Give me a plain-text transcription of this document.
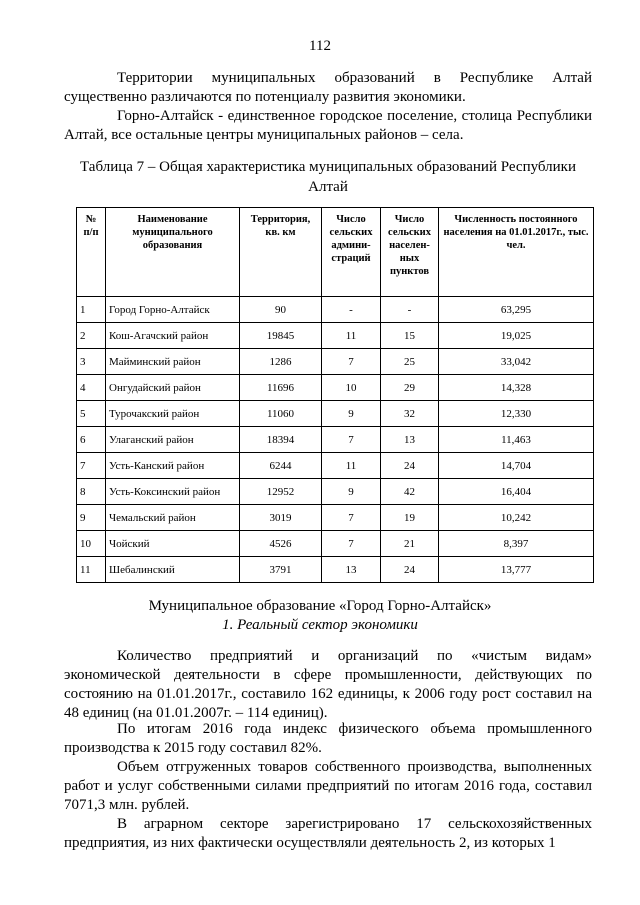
112
Территории муниципальных образований в Республике Алтай существенно различаются по потенциалу развития экономики.
Горно-Алтайск - единственное городское поселение, столица Республики Алтай, все остальные центры муниципальных районов – села.
Таблица 7 – Общая характеристика муниципальных образований Республики Алтай
№ п/п	Наименование муниципального образования	Территория, кв. км	Число сельских админи-страций	Число сельских населен-ных пунктов	Численность постоянного населения на 01.01.2017г., тыс. чел.
1	Город Горно-Алтайск	90	-	-	63,295
2	Кош-Агачский район	19845	11	15	19,025
3	Майминский район	1286	7	25	33,042
4	Онгудайский район	11696	10	29	14,328
5	Турочакский район	11060	9	32	12,330
6	Улаганский район	18394	7	13	11,463
7	Усть-Канский район	6244	11	24	14,704
8	Усть-Коксинский район	12952	9	42	16,404
9	Чемальский район	3019	7	19	10,242
10	Чойский	4526	7	21	8,397
11	Шебалинский	3791	13	24	13,777
Муниципальное образование «Город Горно-Алтайск»
1. Реальный сектор экономики
Количество предприятий и организаций по «чистым видам» экономической деятельности в сфере промышленности, действующих по состоянию на 01.01.2017г., составило 162 единицы, к 2006 году рост составил на 48 единиц (на 01.01.2007г. – 114 единиц).
По итогам 2016 года индекс физического объема промышленного производства к 2015 году составил 82%.
Объем отгруженных товаров собственного производства, выполненных работ и услуг собственными силами предприятий по итогам 2016 года, составил 7071,3 млн. рублей.
В аграрном секторе зарегистрировано 17 сельскохозяйственных предприятия, из них фактически осуществляли деятельность 2, из которых 1
